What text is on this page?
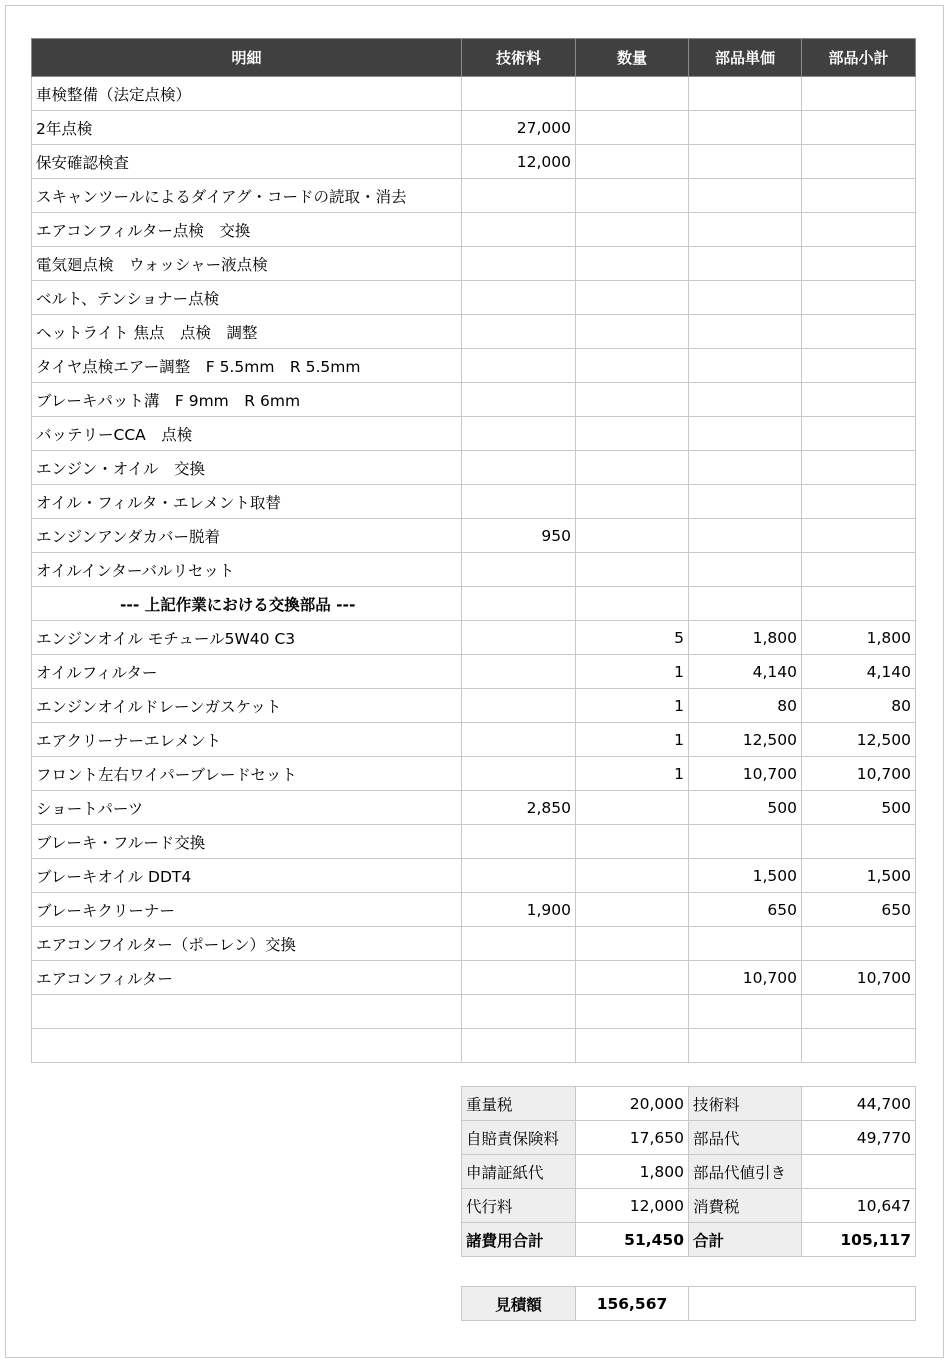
明細	技術料	数量	部品単価	部品小計
車検整備（法定点検）				
2年点検	27,000			
保安確認検査	12,000			
スキャンツールによるダイアグ・コードの読取・消去				
エアコンフィルター点検　交換				
電気廻点検　ウォッシャー液点検				
ベルト、テンショナー点検				
ヘットライト 焦点　点検　調整				
タイヤ点検エアー調整　F 5.5mm　R 5.5mm				
ブレーキパット溝　F 9mm　R 6mm				
バッテリーCCA　点検				
エンジン・オイル　交換				
オイル・フィルタ・エレメント取替				
エンジンアンダカバー脱着	950			
オイルインターバルリセット				
--- 上記作業における交換部品 ---				
エンジンオイル モチュール5W40 C3		5	1,800	1,800
オイルフィルター		1	4,140	4,140
エンジンオイルドレーンガスケット		1	80	80
エアクリーナーエレメント		1	12,500	12,500
フロント左右ワイパーブレードセット		1	10,700	10,700
ショートパーツ	2,850		500	500
ブレーキ・フルード交換				
ブレーキオイル DDT4			1,500	1,500
ブレーキクリーナー	1,900		650	650
エアコンフイルター（ポーレン）交換				
エアコンフィルター			10,700	10,700

重量税	20,000	技術料	44,700
自賠責保険料	17,650	部品代	49,770
申請証紙代	1,800	部品代値引き	
代行料	12,000	消費税	10,647
諸費用合計	51,450	合計	105,117
見積額	156,567	
